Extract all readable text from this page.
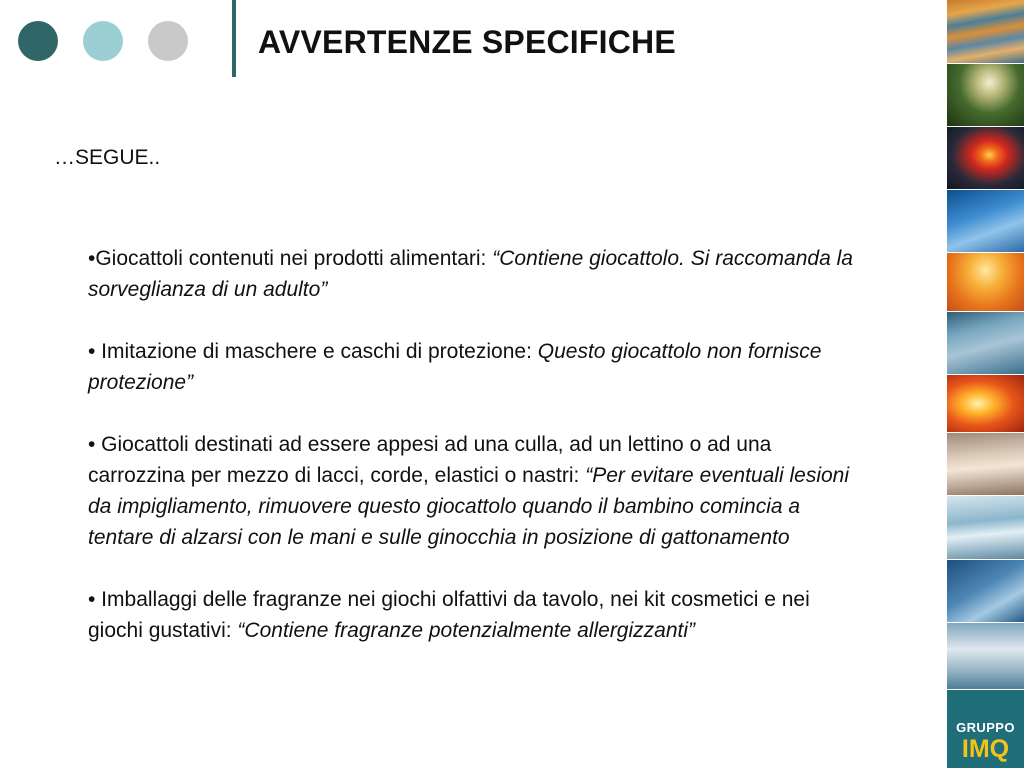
AVVERTENZE SPECIFICHE
…SEGUE..

•Giocattoli contenuti nei prodotti alimentari: “Contiene giocattolo. Si raccomanda la sorveglianza di un adulto”

• Imitazione di maschere e caschi di protezione: Questo giocattolo non fornisce protezione”

• Giocattoli destinati ad essere appesi ad una culla, ad un lettino o ad una carrozzina per mezzo di lacci, corde, elastici o nastri: “Per evitare eventuali lesioni da impigliamento, rimuovere questo giocattolo quando il bambino comincia a tentare di alzarsi con le mani e sulle ginocchia in posizione di gattonamento

• Imballaggi delle fragranze nei giochi olfattivi da tavolo, nei kit cosmetici e nei giochi gustativi: “Contiene fragranze potenzialmente allergizzanti”

GRUPPO
IMQ
